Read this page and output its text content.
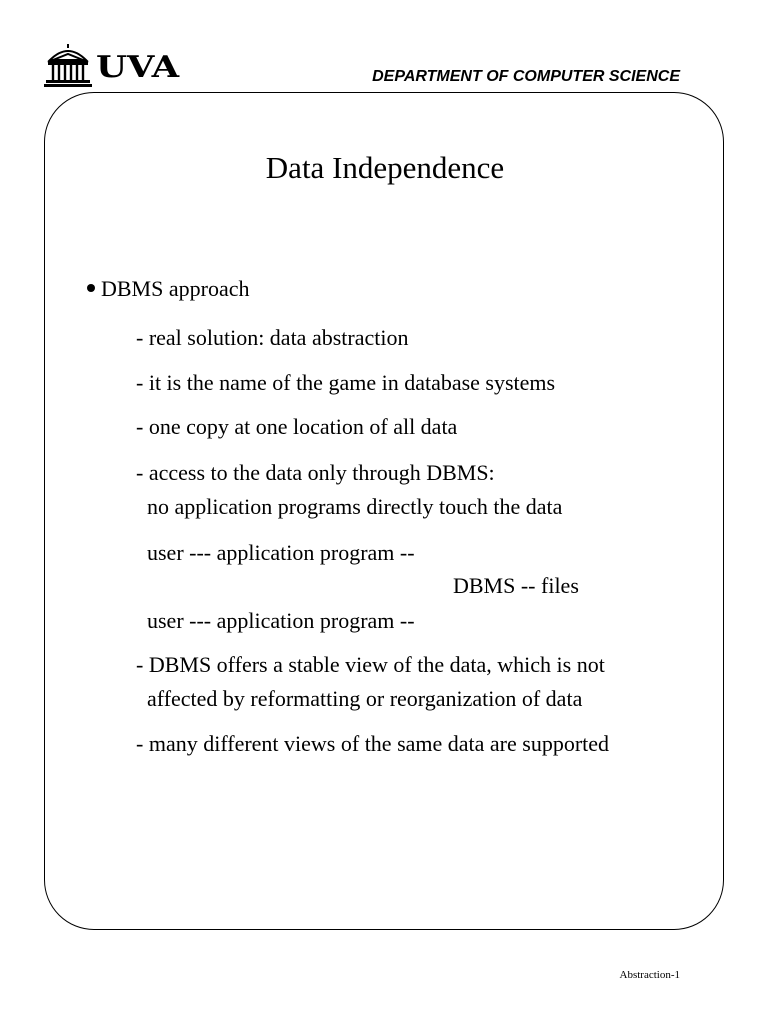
UVA	DEPARTMENT OF COMPUTER SCIENCE
Data Independence
DBMS approach
- real solution: data abstraction
- it is the name of the game in database systems
- one copy at one location of all data
- access to the data only through DBMS:
no application programs directly touch the data
user --- application program --
DBMS -- files
user --- application program --
- DBMS offers a stable view of the data, which is not
affected by reformatting or reorganization of data
- many different views of the same data are supported
Abstraction-1
